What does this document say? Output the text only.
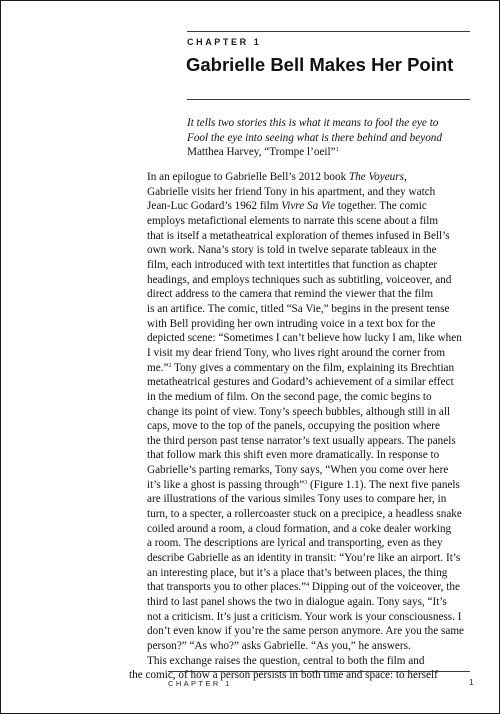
CHAPTER 1
Gabrielle Bell Makes Her Point
It tells two stories this is what it means to fool the eye to
Fool the eye into seeing what is there behind and beyond
Matthea Harvey, “Trompe l’oeil”$^1$

In an epilogue to Gabrielle Bell’s 2012 book The Voyeurs,
Gabrielle visits her friend Tony in his apartment, and they watch
Jean-Luc Godard’s 1962 film Vivre Sa Vie together. The comic
employs metafictional elements to narrate this scene about a film
that is itself a metatheatrical exploration of themes infused in Bell’s
own work. Nana’s story is told in twelve separate tableaux in the
film, each introduced with text intertitles that function as chapter
headings, and employs techniques such as subtitling, voiceover, and
direct address to the camera that remind the viewer that the film
is an artifice. The comic, titled “Sa Vie,” begins in the present tense
with Bell providing her own intruding voice in a text box for the
depicted scene: “Sometimes I can’t believe how lucky I am, like when
I visit my dear friend Tony, who lives right around the corner from
me.”$^2$ Tony gives a commentary on the film, explaining its Brechtian
metatheatrical gestures and Godard’s achievement of a similar effect
in the medium of film. On the second page, the comic begins to
change its point of view. Tony’s speech bubbles, although still in all
caps, move to the top of the panels, occupying the position where
the third person past tense narrator’s text usually appears. The panels
that follow mark this shift even more dramatically. In response to
Gabrielle’s parting remarks, Tony says, “When you come over here
it’s like a ghost is passing through”$^3$ (Figure 1.1). The next five panels
are illustrations of the various similes Tony uses to compare her, in
turn, to a specter, a rollercoaster stuck on a precipice, a headless snake
coiled around a room, a cloud formation, and a coke dealer working
a room. The descriptions are lyrical and transporting, even as they
describe Gabrielle as an identity in transit: “You’re like an airport. It’s
an interesting place, but it’s a place that’s between places, the thing
that transports you to other places.”$^4$ Dipping out of the voiceover, the
third to last panel shows the two in dialogue again. Tony says, “It’s
not a criticism. It’s just a criticism. Your work is your consciousness. I
don’t even know if you’re the same person anymore. Are you the same
person?” “As who?” asks Gabrielle. “As you,” he answers.

This exchange raises the question, central to both the film and
the comic, of how a person persists in both time and space: to herself

CHAPTER 1	1
